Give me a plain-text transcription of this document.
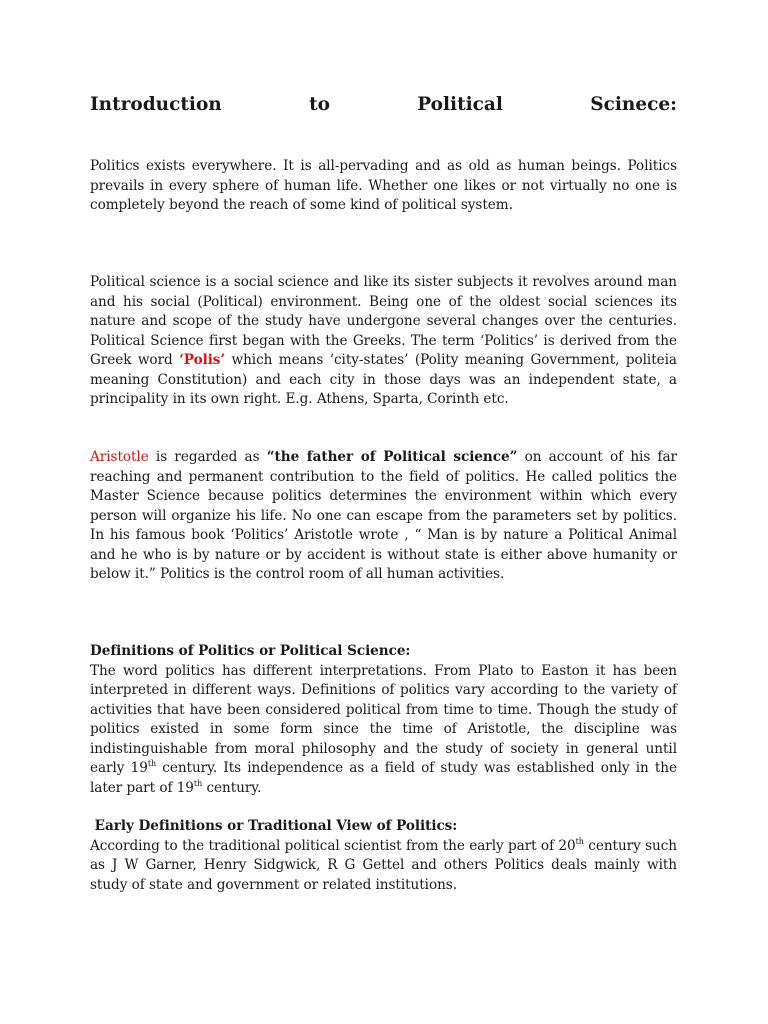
Introduction	to	Political	Scinece:

Politics exists everywhere. It is all-pervading and as old as human beings. Politics prevails in every sphere of human life. Whether one likes or not virtually no one is completely beyond the reach of some kind of political system.

Political science is a social science and like its sister subjects it revolves around man and his social (Political) environment. Being one of the oldest social sciences its nature and scope of the study have undergone several changes over the centuries. Political Science first began with the Greeks. The term ‘Politics’ is derived from the Greek word ‘Polis’ which means ‘city-states’ (Polity meaning Government, politeia meaning Constitution) and each city in those days was an independent state, a principality in its own right. E.g. Athens, Sparta, Corinth etc.

Aristotle is regarded as “the father of Political science” on account of his far reaching and permanent contribution to the field of politics. He called politics the Master Science because politics determines the environment within which every person will organize his life. No one can escape from the parameters set by politics. In his famous book ‘Politics’ Aristotle wrote , “ Man is by nature a Political Animal and he who is by nature or by accident is without state is either above humanity or below it.” Politics is the control room of all human activities.

Definitions of Politics or Political Science:
The word politics has different interpretations. From Plato to Easton it has been interpreted in different ways. Definitions of politics vary according to the variety of activities that have been considered political from time to time. Though the study of politics existed in some form since the time of Aristotle, the discipline was indistinguishable from moral philosophy and the study of society in general until early 19th century. Its independence as a field of study was established only in the later part of 19th century.

Early Definitions or Traditional View of Politics:
According to the traditional political scientist from the early part of 20th century such as J W Garner, Henry Sidgwick, R G Gettel and others Politics deals mainly with study of state and government or related institutions.
